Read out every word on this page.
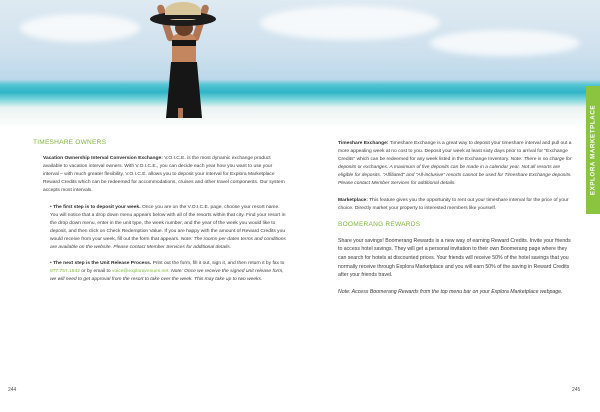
EXPLORA MARKETPLACE
TIMESHARE OWNERS

Vacation Ownership Interval Conversion Exchange: V.O.I.C.E. is the most dynamic exchange product available to vacation interval owners. With V.O.I.C.E., you can decide each year how you want to use your interval – with much greater flexibility. V.O.I.C.E. allows you to deposit your interval for Explora Marketplace Reward Credits which can be redeemed for accommodations, cruises and other travel components. Our system accepts most intervals.

• The first step is to deposit your week. Once you are on the V.O.I.C.E. page, choose your resort name. You will notice that a drop down menu appears below with all of the resorts within that city. Find your resort in the drop down menu, enter in the unit type, the week number, and the year of the week you would like to deposit, and then click on Check Redemption Value. If you are happy with the amount of Reward Credits you would receive from your week, fill out the form that appears. Note: The rooms-per-dates terms and conditions are available on the website. Please contact Member Services for additional details.

• The next step is the Unit Release Process. Print out the form, fill it out, sign it, and then return it by fax to 877.757.1542 or by email to voice@exploravenues.net. Note: Once we receive the signed unit release form, we will need to get approval from the resort to take over the week. This may take up to two weeks.

Timeshare Exchange: Timeshare Exchange is a great way to deposit your timeshare interval and pull out a more appealing week at no cost to you. Deposit your week at least sixty days prior to arrival for "Exchange Credits" which can be redeemed for any week listed in the Exchange Inventory. Note: There is no charge for deposits or exchanges. A maximum of five deposits can be made in a calendar year. Not all resorts are eligible for deposits. "Affiliated" and "All-inclusive" resorts cannot be used for Timeshare Exchange deposits. Please contact Member Services for additional details.

Marketplace: This feature gives you the opportunity to rent out your timeshare interval for the price of your choice. Directly market your property to interested members like yourself.

BOOMERANG REWARDS

Share your savings! Boomerang Rewards is a new way of earning Reward Credits. Invite your friends to access hotel savings. They will get a personal invitation to their own Boomerang page where they can search for hotels at discounted prices. Your friends will receive 50% of the hotel savings that you normally receive through Explora Marketplace and you will earn 50% of the saving in Reward Credits after your friends travel.

Note: Access Boomerang Rewards from the top menu bar on your Explora Marketplace webpage.

244	245
